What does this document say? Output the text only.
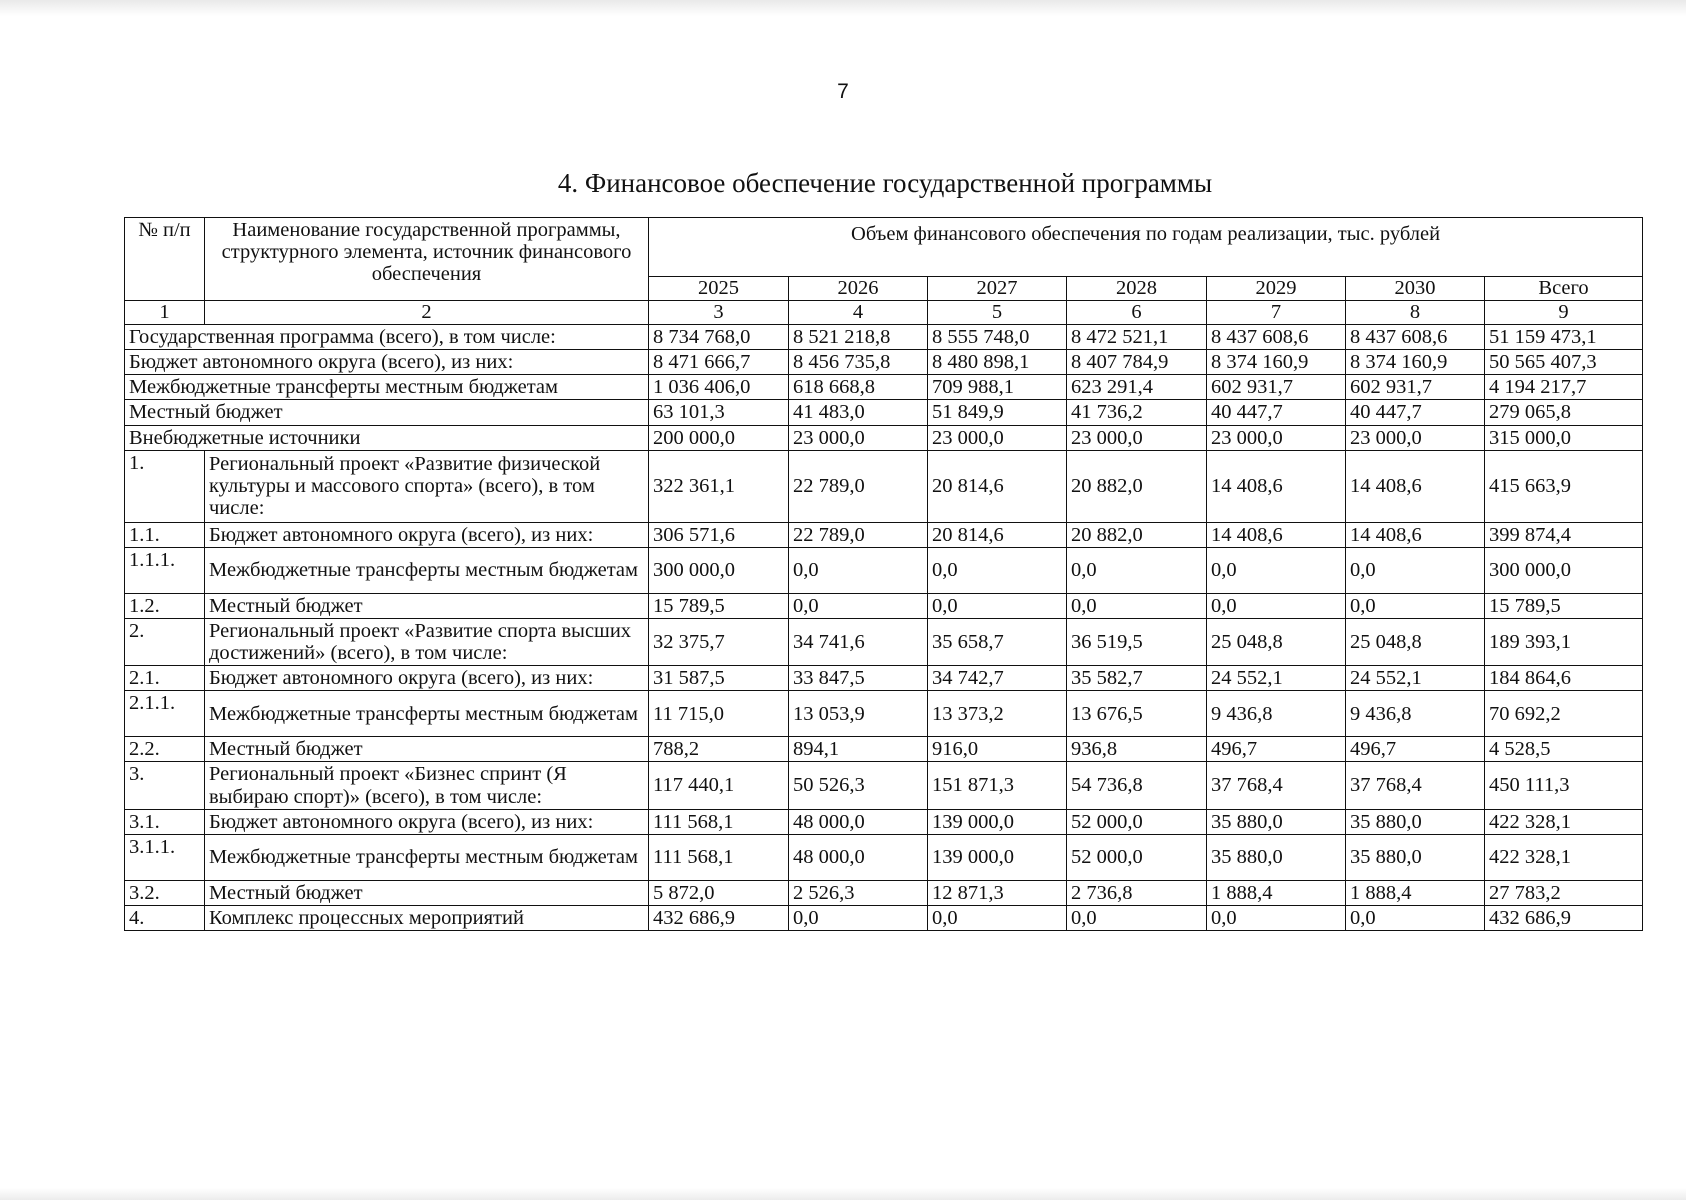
7
4. Финансовое обеспечение государственной программы
№ п/п	Наименование государственной программы, структурного элемента, источник финансового обеспечения	Объем финансового обеспечения по годам реализации, тыс. рублей						
		2025	2026	2027	2028	2029	2030	Всего
1	2	3	4	5	6	7	8	9
Государственная программа (всего), в том числе:		8 734 768,0	8 521 218,8	8 555 748,0	8 472 521,1	8 437 608,6	8 437 608,6	51 159 473,1
Бюджет автономного округа (всего), из них:		8 471 666,7	8 456 735,8	8 480 898,1	8 407 784,9	8 374 160,9	8 374 160,9	50 565 407,3
Межбюджетные трансферты местным бюджетам		1 036 406,0	618 668,8	709 988,1	623 291,4	602 931,7	602 931,7	4 194 217,7
Местный бюджет		63 101,3	41 483,0	51 849,9	41 736,2	40 447,7	40 447,7	279 065,8
Внебюджетные источники		200 000,0	23 000,0	23 000,0	23 000,0	23 000,0	23 000,0	315 000,0
1.	Региональный проект «Развитие физической культуры и массового спорта» (всего), в том числе:	322 361,1	22 789,0	20 814,6	20 882,0	14 408,6	14 408,6	415 663,9
1.1.	Бюджет автономного округа (всего), из них:	306 571,6	22 789,0	20 814,6	20 882,0	14 408,6	14 408,6	399 874,4
1.1.1.	Межбюджетные трансферты местным бюджетам	300 000,0	0,0	0,0	0,0	0,0	0,0	300 000,0
1.2.	Местный бюджет	15 789,5	0,0	0,0	0,0	0,0	0,0	15 789,5
2.	Региональный проект «Развитие спорта высших достижений» (всего), в том числе:	32 375,7	34 741,6	35 658,7	36 519,5	25 048,8	25 048,8	189 393,1
2.1.	Бюджет автономного округа (всего), из них:	31 587,5	33 847,5	34 742,7	35 582,7	24 552,1	24 552,1	184 864,6
2.1.1.	Межбюджетные трансферты местным бюджетам	11 715,0	13 053,9	13 373,2	13 676,5	9 436,8	9 436,8	70 692,2
2.2.	Местный бюджет	788,2	894,1	916,0	936,8	496,7	496,7	4 528,5
3.	Региональный проект «Бизнес спринт (Я выбираю спорт)» (всего), в том числе:	117 440,1	50 526,3	151 871,3	54 736,8	37 768,4	37 768,4	450 111,3
3.1.	Бюджет автономного округа (всего), из них:	111 568,1	48 000,0	139 000,0	52 000,0	35 880,0	35 880,0	422 328,1
3.1.1.	Межбюджетные трансферты местным бюджетам	111 568,1	48 000,0	139 000,0	52 000,0	35 880,0	35 880,0	422 328,1
3.2.	Местный бюджет	5 872,0	2 526,3	12 871,3	2 736,8	1 888,4	1 888,4	27 783,2
4.	Комплекс процессных мероприятий	432 686,9	0,0	0,0	0,0	0,0	0,0	432 686,9
